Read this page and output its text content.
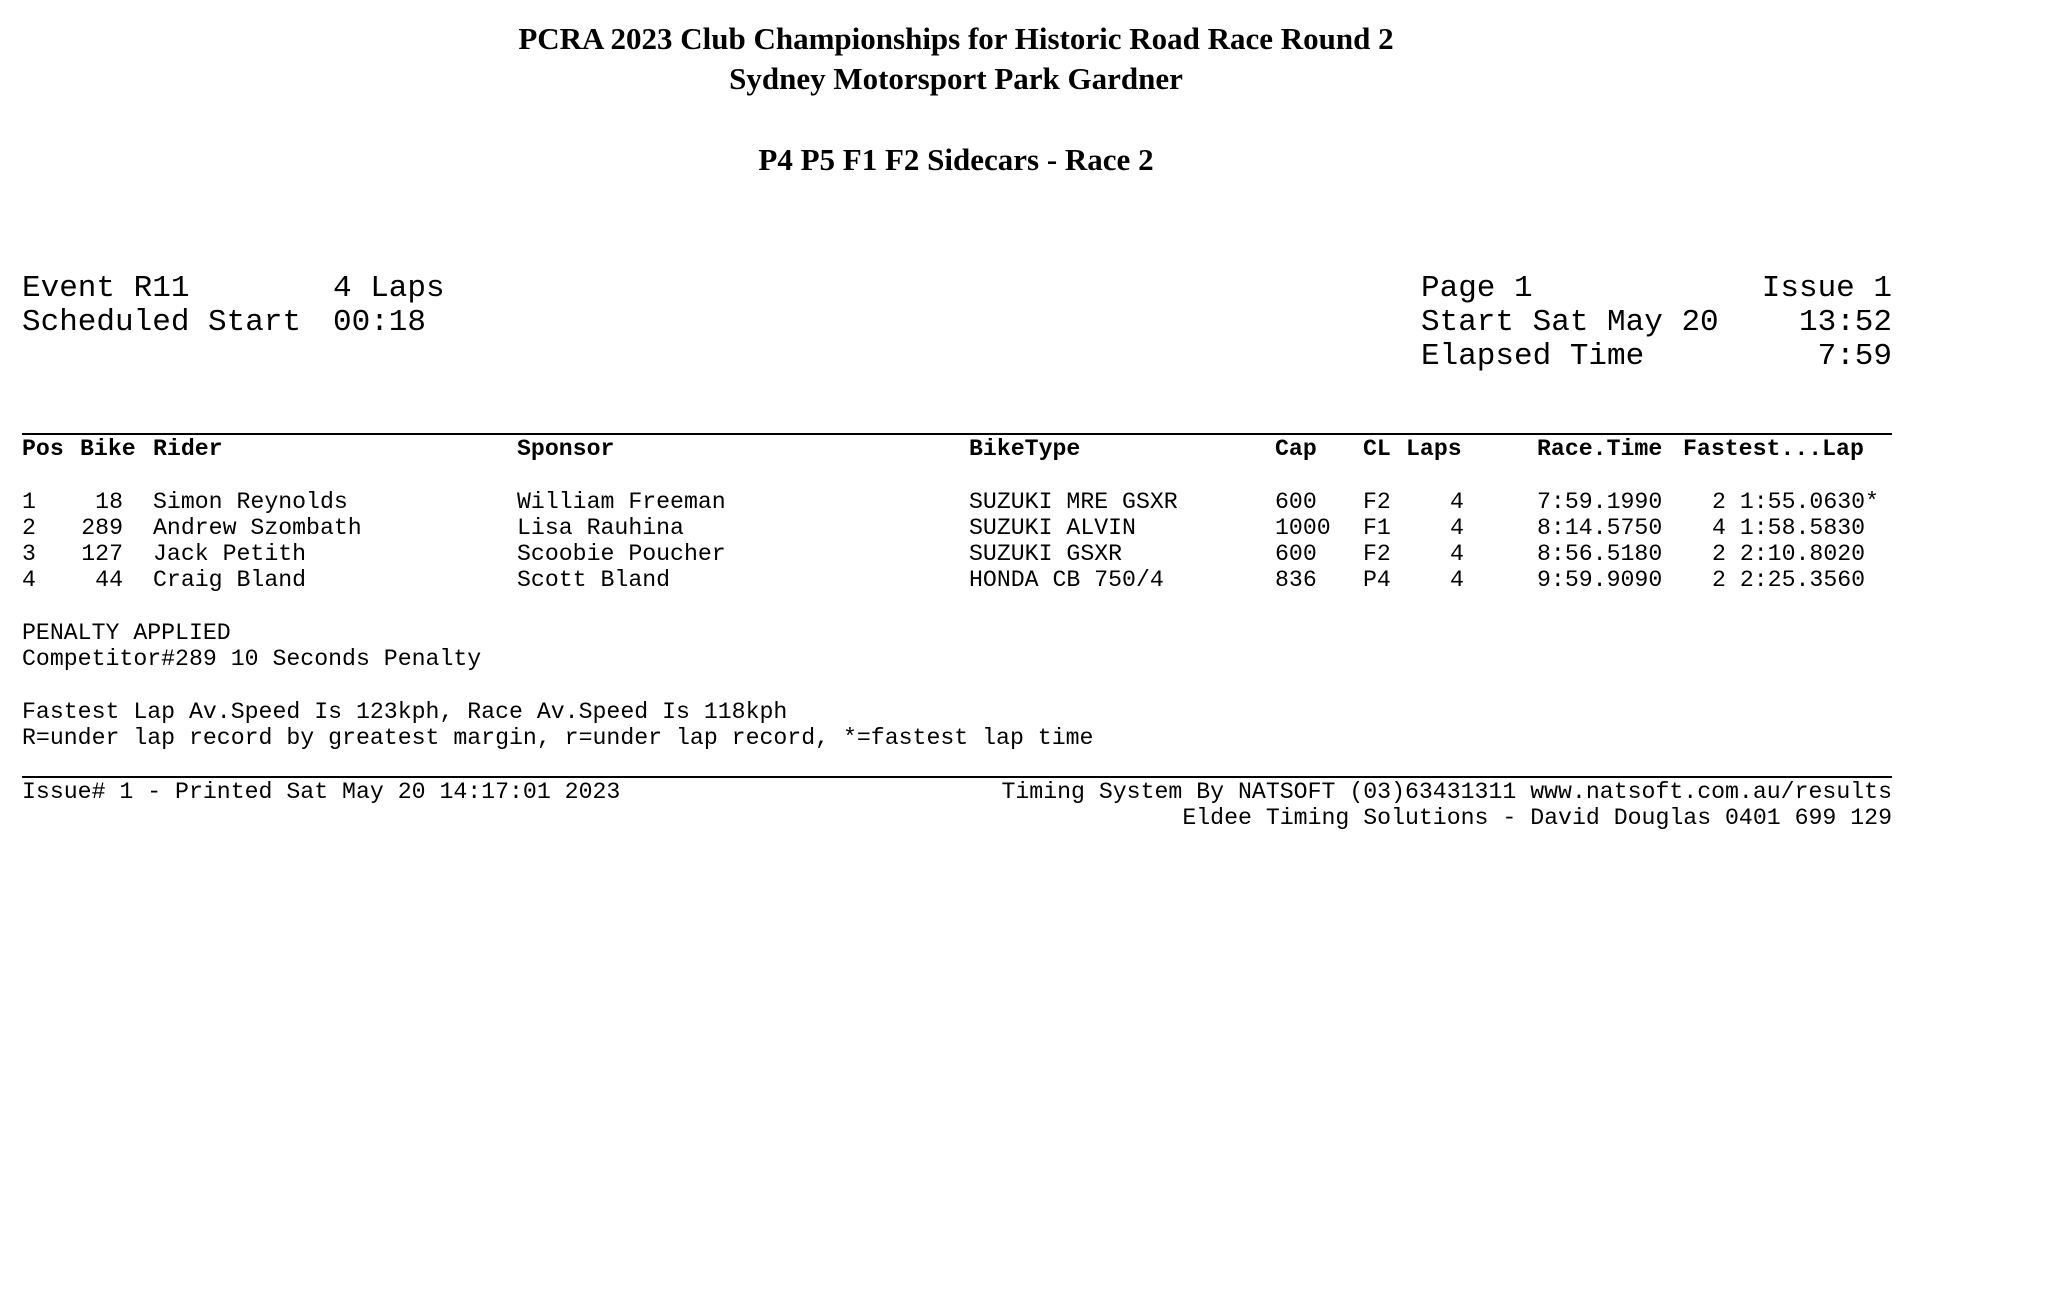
PCRA 2023 Club Championships for Historic Road Race Round 2
Sydney Motorsport Park Gardner
P4 P5 F1 F2 Sidecars - Race 2
Event R11	4 Laps
Scheduled Start 00:18
Page 1	Issue 1
Start Sat May 20	13:52
Elapsed Time	7:59
Pos Bike Rider	Sponsor	BikeType	Cap CL Laps	Race.Time Fastest...Lap
1	18 Simon Reynolds	William Freeman	SUZUKI MRE GSXR	600 F2	4	7:59.1990 2 1:55.0630*
2 289 Andrew Szombath	Lisa Rauhina	SUZUKI ALVIN	1000 F1	4	8:14.5750 4 1:58.5830
3 127 Jack Petith	Scoobie Poucher	SUZUKI GSXR	600 F2	4	8:56.5180 2 2:10.8020
4	44 Craig Bland	Scott Bland	HONDA CB 750/4	836 P4	4	9:59.9090 2 2:25.3560
PENALTY APPLIED
Competitor#289 10 Seconds Penalty
Fastest Lap Av.Speed Is 123kph, Race Av.Speed Is 118kph
R=under lap record by greatest margin, r=under lap record, *=fastest lap time
Issue# 1 - Printed Sat May 20 14:17:01 2023	Timing System By NATSOFT (03)63431311 www.natsoft.com.au/results
Eldee Timing Solutions - David Douglas 0401 699 129
